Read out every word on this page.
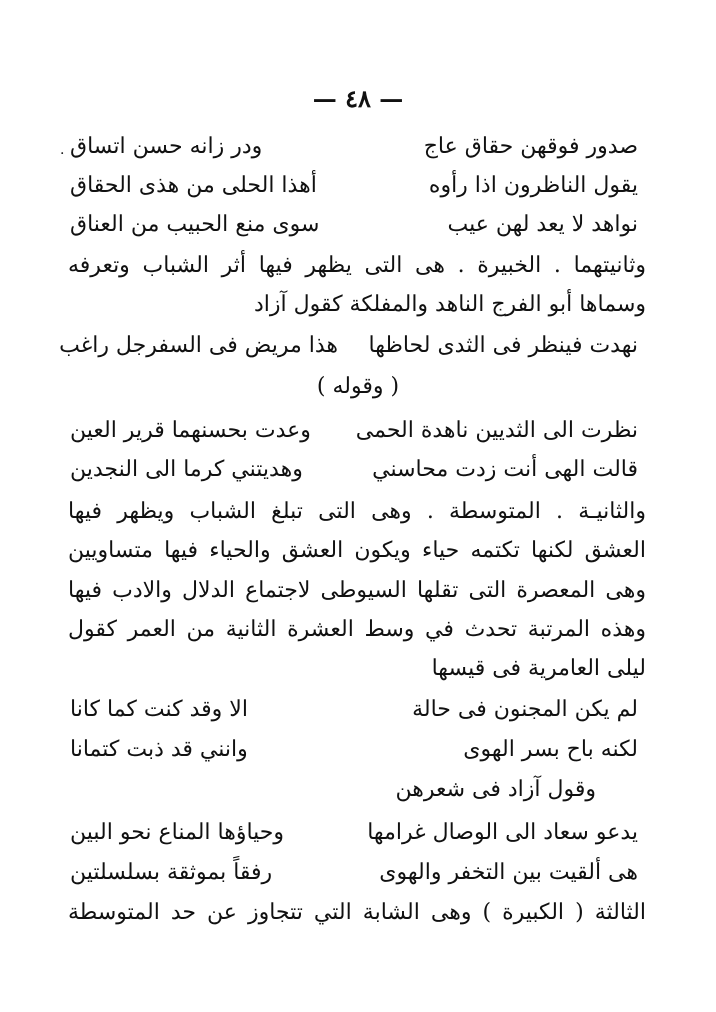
— ٤٨ —
·	صدور فوقهن حقاق عاج
ودر زانه حسن اتساق
يقول الناظرون اذا رأوه
أهذا الحلى من هذى الحقاق
نواهد لا يعد لهن عيب
سوى منع الحبيب من العناق
وثانيتهما . الخبيرة . هى التى يظهر فيها أثر الشباب وتعرفه
وسماها أبو الفرج الناهد والمفلكة كقول آزاد
نهدت فينظر فى الثدى لحاظها
هذا مريض فى السفرجل راغب
( وقوله )
نظرت الى الثديين ناهدة الحمى
وعدت بحسنهما قرير العين
قالت الهى أنت زدت محاسني
وهديتني كرما الى النجدين
والثانيـة . المتوسطة . وهى التى تبلغ الشباب ويظهر فيها
العشق لكنها تكتمه حياء ويكون العشق والحياء فيها متساويين
وهى المعصرة التى تقلها السيوطى لاجتماع الدلال والادب فيها
وهذه المرتبة تحدث في وسط العشرة الثانية من العمر كقول
ليلى العامرية فى قيسها
لم يكن المجنون فى حالة
الا وقد كنت كما كانا
لكنه باح بسر الهوى
وانني قد ذبت كتمانا
وقول آزاد فى شعرهن
يدعو سعاد الى الوصال غرامها
وحياؤها المناع نحو البين
هى ألقيت بين التخفر والهوى
رفقاً بموثقة بسلسلتين
الثالثة ( الكبيرة ) وهى الشابة التي تتجاوز عن حد المتوسطة
